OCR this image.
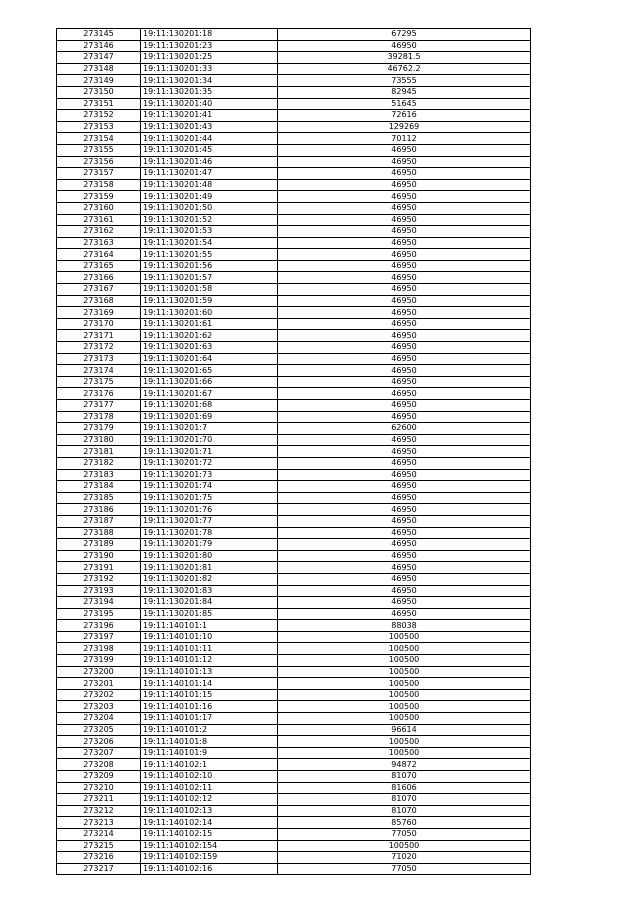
273145	19:11:130201:18	67295
273146	19:11:130201:23	46950
273147	19:11:130201:25	39281.5
273148	19:11:130201:33	46762.2
273149	19:11:130201:34	73555
273150	19:11:130201:35	82945
273151	19:11:130201:40	51645
273152	19:11:130201:41	72616
273153	19:11:130201:43	129269
273154	19:11:130201:44	70112
273155	19:11:130201:45	46950
273156	19:11:130201:46	46950
273157	19:11:130201:47	46950
273158	19:11:130201:48	46950
273159	19:11:130201:49	46950
273160	19:11:130201:50	46950
273161	19:11:130201:52	46950
273162	19:11:130201:53	46950
273163	19:11:130201:54	46950
273164	19:11:130201:55	46950
273165	19:11:130201:56	46950
273166	19:11:130201:57	46950
273167	19:11:130201:58	46950
273168	19:11:130201:59	46950
273169	19:11:130201:60	46950
273170	19:11:130201:61	46950
273171	19:11:130201:62	46950
273172	19:11:130201:63	46950
273173	19:11:130201:64	46950
273174	19:11:130201:65	46950
273175	19:11:130201:66	46950
273176	19:11:130201:67	46950
273177	19:11:130201:68	46950
273178	19:11:130201:69	46950
273179	19:11:130201:7	62600
273180	19:11:130201:70	46950
273181	19:11:130201:71	46950
273182	19:11:130201:72	46950
273183	19:11:130201:73	46950
273184	19:11:130201:74	46950
273185	19:11:130201:75	46950
273186	19:11:130201:76	46950
273187	19:11:130201:77	46950
273188	19:11:130201:78	46950
273189	19:11:130201:79	46950
273190	19:11:130201:80	46950
273191	19:11:130201:81	46950
273192	19:11:130201:82	46950
273193	19:11:130201:83	46950
273194	19:11:130201:84	46950
273195	19:11:130201:85	46950
273196	19:11:140101:1	88038
273197	19:11:140101:10	100500
273198	19:11:140101:11	100500
273199	19:11:140101:12	100500
273200	19:11:140101:13	100500
273201	19:11:140101:14	100500
273202	19:11:140101:15	100500
273203	19:11:140101:16	100500
273204	19:11:140101:17	100500
273205	19:11:140101:2	96614
273206	19:11:140101:8	100500
273207	19:11:140101:9	100500
273208	19:11:140102:1	94872
273209	19:11:140102:10	81070
273210	19:11:140102:11	81606
273211	19:11:140102:12	81070
273212	19:11:140102:13	81070
273213	19:11:140102:14	85760
273214	19:11:140102:15	77050
273215	19:11:140102:154	100500
273216	19:11:140102:159	71020
273217	19:11:140102:16	77050
